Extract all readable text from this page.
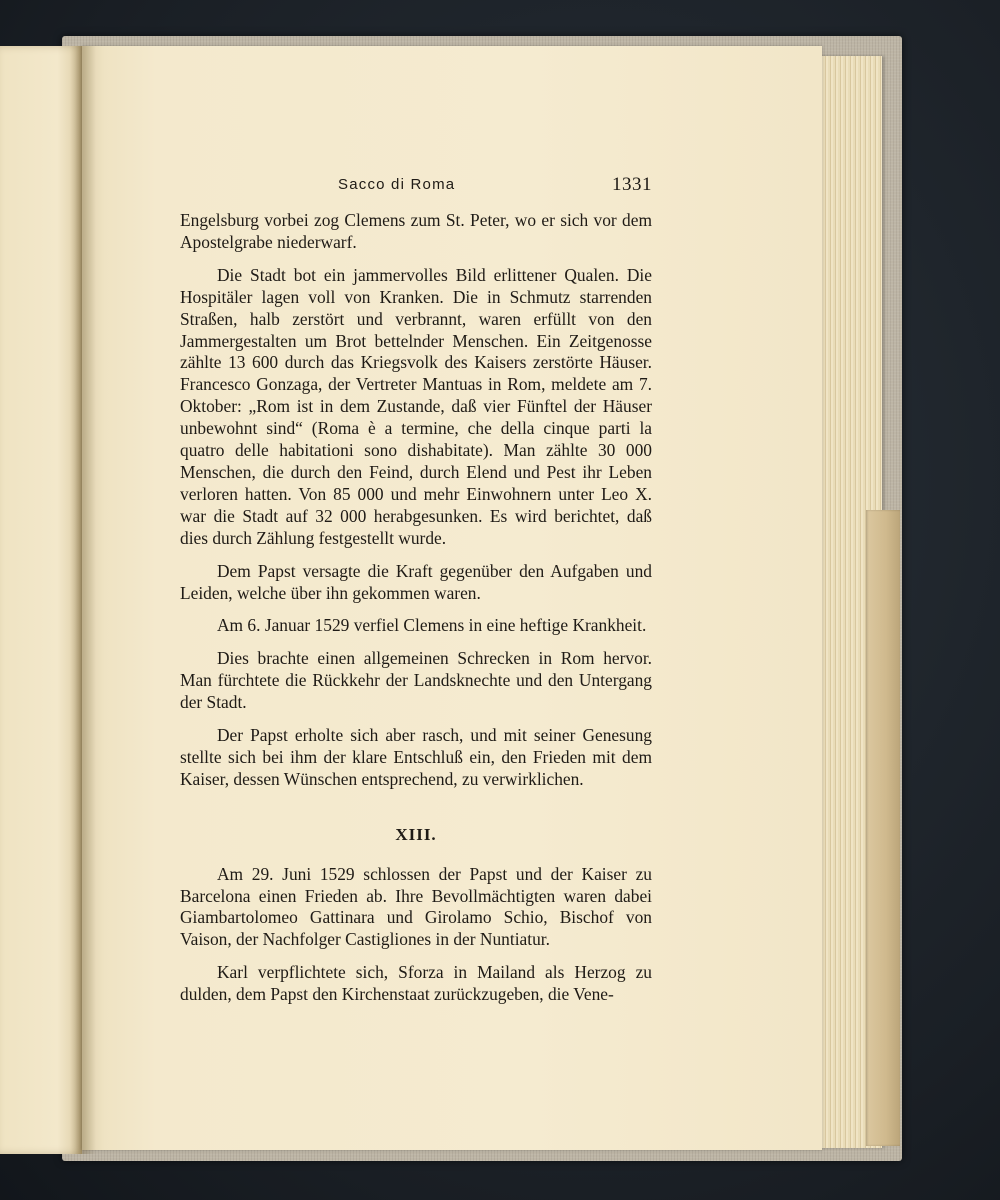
Sacco di Roma	1331

Engelsburg vorbei zog Clemens zum St. Peter, wo er sich vor dem Apostelgrabe niederwarf.

Die Stadt bot ein jammervolles Bild erlittener Qualen. Die Hospitäler lagen voll von Kranken. Die in Schmutz starrenden Straßen, halb zerstört und verbrannt, waren erfüllt von den Jammergestalten um Brot bettelnder Menschen. Ein Zeitgenosse zählte 13 600 durch das Kriegsvolk des Kaisers zerstörte Häuser. Francesco Gonzaga, der Vertreter Mantuas in Rom, meldete am 7. Oktober: „Rom ist in dem Zustande, daß vier Fünftel der Häuser unbewohnt sind“ (Roma è a termine, che della cinque parti la quatro delle habitationi sono dishabitate). Man zählte 30 000 Menschen, die durch den Feind, durch Elend und Pest ihr Leben verloren hatten. Von 85 000 und mehr Einwohnern unter Leo X. war die Stadt auf 32 000 herabgesunken. Es wird berichtet, daß dies durch Zählung festgestellt wurde.

Dem Papst versagte die Kraft gegenüber den Aufgaben und Leiden, welche über ihn gekommen waren.

Am 6. Januar 1529 verfiel Clemens in eine heftige Krankheit.

Dies brachte einen allgemeinen Schrecken in Rom hervor. Man fürchtete die Rückkehr der Landsknechte und den Untergang der Stadt.

Der Papst erholte sich aber rasch, und mit seiner Genesung stellte sich bei ihm der klare Entschluß ein, den Frieden mit dem Kaiser, dessen Wünschen entsprechend, zu verwirklichen.

XIII.

Am 29. Juni 1529 schlossen der Papst und der Kaiser zu Barcelona einen Frieden ab. Ihre Bevollmächtigten waren dabei Giambartolomeo Gattinara und Girolamo Schio, Bischof von Vaison, der Nachfolger Castigliones in der Nuntiatur.

Karl verpflichtete sich, Sforza in Mailand als Herzog zu dulden, dem Papst den Kirchenstaat zurückzugeben, die Vene-
